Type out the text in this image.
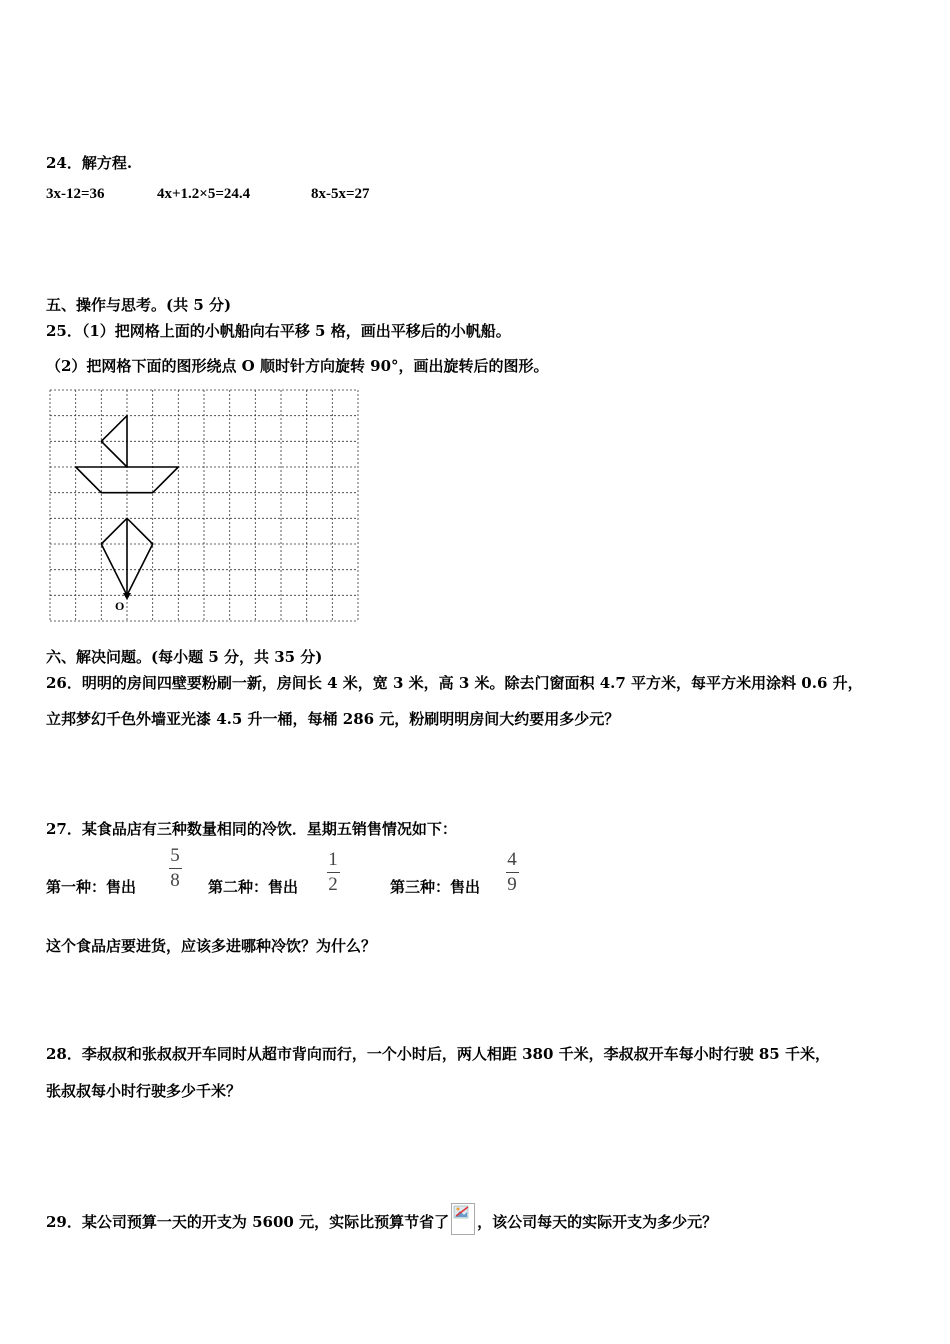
24．解方程.
3x-12=36	4x+1.2×5=24.4	8x-5x=27
五、操作与思考。(共 5 分)
25．（1）把网格上面的小帆船向右平移 5 格，画出平移后的小帆船。
（2）把网格下面的图形绕点 O 顺时针方向旋转 90°，画出旋转后的图形。
O
六、解决问题。(每小题 5 分，共 35 分)
26．明明的房间四壁要粉刷一新，房间长 4 米，宽 3 米，高 3 米。除去门窗面积 4.7 平方米，每平方米用涂料 0.6 升，
立邦梦幻千色外墙亚光漆 4.5 升一桶，每桶 286 元，粉刷明明房间大约要用多少元？
27．某食品店有三种数量相同的冷饮．星期五销售情况如下：
第一种：售出
5
8 第二种：售出
1
2	第三种：售出
4
9
这个食品店要进货，应该多进哪种冷饮？为什么？
28．李叔叔和张叔叔开车同时从超市背向而行，一个小时后，两人相距 380 千米，李叔叔开车每小时行驶 85 千米，
张叔叔每小时行驶多少千米？
29．某公司预算一天的开支为 5600 元，实际比预算节省了 ，该公司每天的实际开支为多少元？
